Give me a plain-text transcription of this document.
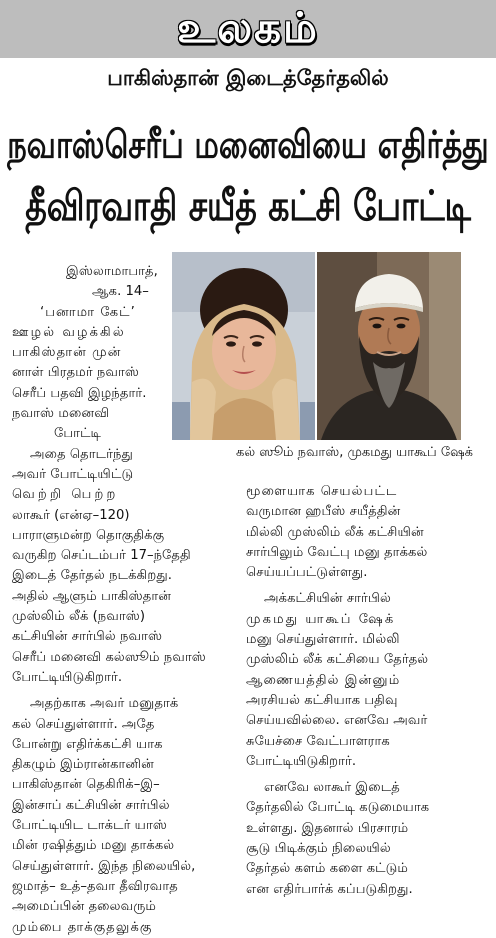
உலகம்
பாகிஸ்தான் இடைத்தேர்தலில்
நவாஸ்செரீப் மனைவியை எதிர்த்து
தீவிரவாதி சயீத் கட்சி போட்டி
கல் ஸூம் நவாஸ், முகமது யாகூப் ஷேக்

இஸ்லாமாபாத்,

ஆக. 14–

‘பனாமா கேட்’

ஊழல் வழக்கில்

பாகிஸ்தான் முன்

னாள் பிரதமர் நவாஸ்

செரீப் பதவி இழந்தார்.

நவாஸ் மனைவி

போட்டி

அதை தொடர்ந்து

அவர் போட்டியிட்டு

வெற்றி பெற்ற

லாகூர் (என்ஏ–120)

பாராளுமன்ற தொகுதிக்கு

வருகிற செப்டம்பர் 17–ந்தேதி

இடைத் தேர்தல் நடக்கிறது.

அதில் ஆளும் பாகிஸ்தான்

முஸ்லிம் லீக் (நவாஸ்)

கட்சியின் சார்பில் நவாஸ்

செரீப் மனைவி கல்ஸூம் நவாஸ்

போட்டியிடுகிறார்.

அதற்காக அவர் மனுதாக்

கல் செய்துள்ளார். அதே

போன்று எதிர்க்கட்சி யாக

திகழும் இம்ரான்கானின்

பாகிஸ்தான் தெகிரிக்–இ–

இன்சாப் கட்சியின் சார்பில்

போட்டியிட டாக்டர் யாஸ்

மின் ரஷித்தும் மனு தாக்கல்

செய்துள்ளார். இந்த நிலையில்,

ஜமாத்– உத்–தவா தீவிரவாத

அமைப்பின் தலைவரும்

மும்பை தாக்குதலுக்கு

மூளையாக செயல்பட்ட

வருமான ஹபீஸ் சயீத்தின்

மில்லி முஸ்லிம் லீக் கட்சியின்

சார்பிலும் வேட்பு மனு தாக்கல்

செய்யப்பட்டுள்ளது.

அக்கட்சியின் சார்பில்

முகமது யாகூப் ஷேக்

மனு செய்துள்ளார். மில்லி

முஸ்லிம் லீக் கட்சியை தேர்தல்

ஆணையத்தில் இன்னும்

அரசியல் கட்சியாக பதிவு

செய்யவில்லை. எனவே அவர்

சுயேச்சை வேட்பாளராக

போட்டியிடுகிறார்.

எனவே லாகூர் இடைத்

தேர்தலில் போட்டி கடுமையாக

உள்ளது. இதனால் பிரசாரம்

சூடு பிடிக்கும் நிலையில்

தேர்தல் களம் களை கட்டும்

என எதிர்பார்க் கப்படுகிறது.
